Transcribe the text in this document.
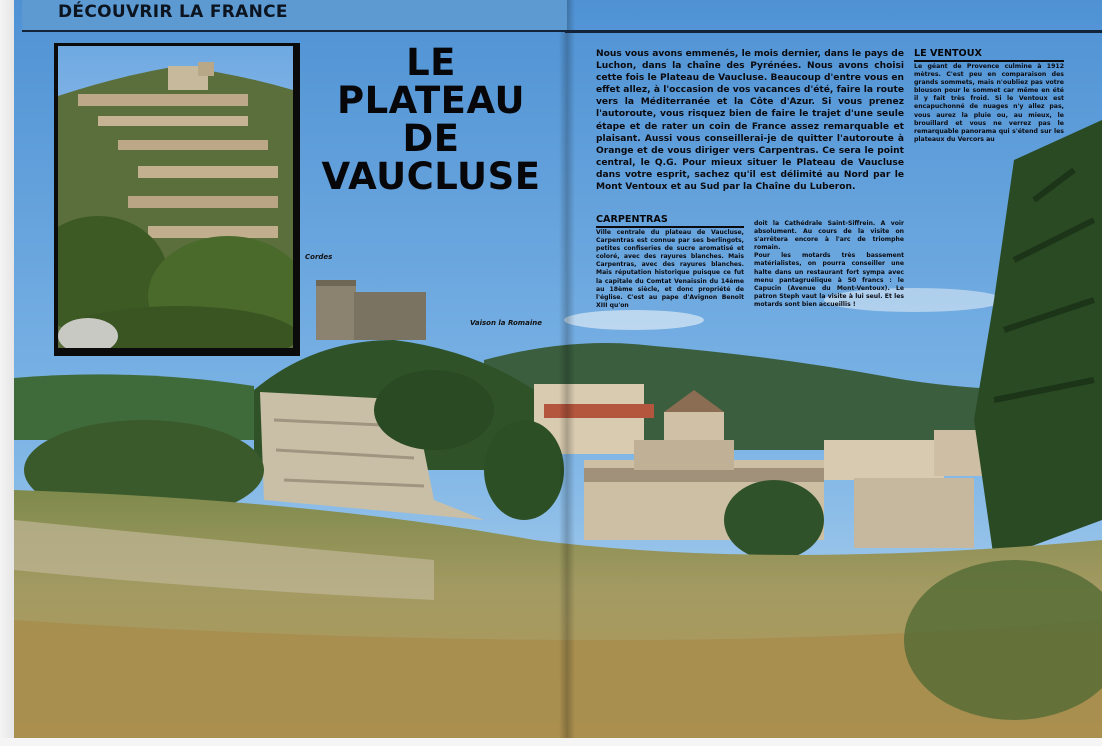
DÉCOUVRIR LA FRANCE
LE
PLATEAU
DE
VAUCLUSE
Cordes
Vaison la Romaine
Nous vous avons emmenés, le mois dernier, dans le pays de Luchon, dans la chaîne des Pyrénées. Nous avons choisi cette fois le Plateau de Vaucluse. Beaucoup d'entre vous en effet allez, à l'occasion de vos vacances d'été, faire la route vers la Méditerranée et la Côte d'Azur. Si vous prenez l'autoroute, vous risquez bien de faire le trajet d'une seule étape et de rater un coin de France assez remarquable et plaisant. Aussi vous conseillerai-je de quitter l'autoroute à Orange et de vous diriger vers Carpentras. Ce sera le point central, le Q.G. Pour mieux situer le Plateau de Vaucluse dans votre esprit, sachez qu'il est délimité au Nord par le Mont Ventoux et au Sud par la Chaîne du Luberon.
LE VENTOUX
Le géant de Provence culmine à 1912 mètres. C'est peu en comparaison des grands sommets, mais n'oubliez pas votre blouson pour le sommet car même en été il y fait très froid. Si le Ventoux est encapuchonné de nuages n'y allez pas, vous aurez la pluie ou, au mieux, le brouillard et vous ne verrez pas le remarquable panorama qui s'étend sur les plateaux du Vercors au
CARPENTRAS
Ville centrale du plateau de Vaucluse, Carpentras est connue par ses berlingots, petites confiseries de sucre aromatisé et coloré, avec des rayures blanches. Mais Carpentras, avec des rayures blanches. Mais réputation historique puisque ce fut la capitale du Comtat Venaissin du 14ème au 18ème siècle, et donc propriété de l'église. C'est au pape d'Avignon Benoît XIII qu'on

doit la Cathédrale Saint-Siffrein. A voir absolument. Au cours de la visite on s'arrêtera encore à l'arc de triomphe romain.

Pour les motards très bassement matérialistes, on pourra conseiller une halte dans un restaurant fort sympa avec menu pantagruélique à 50 francs : le Capucin (Avenue du Mont-Ventoux). Le patron Steph vaut la visite à lui seul. Et les motards sont bien accueillis !
